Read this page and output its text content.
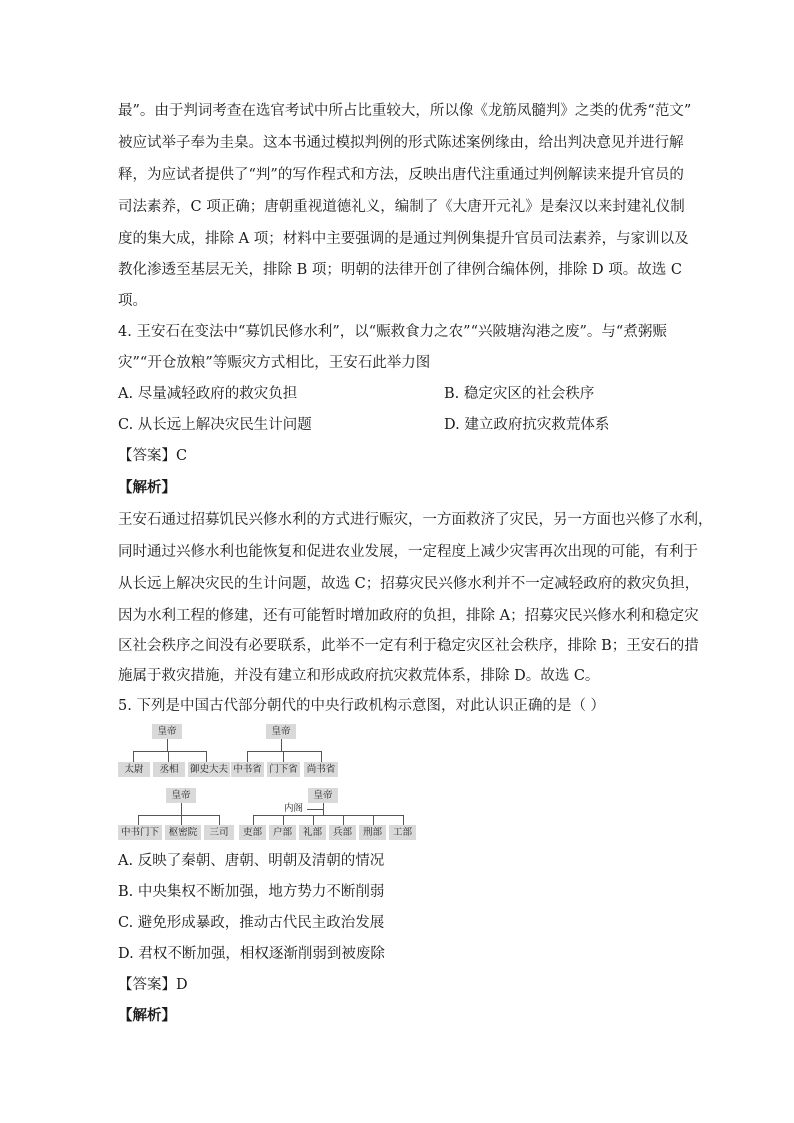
最”。由于判词考查在选官考试中所占比重较大，所以像《龙筋凤髓判》之类的优秀“范文”
被应试举子奉为圭臬。这本书通过模拟判例的形式陈述案例缘由，给出判决意见并进行解
释，为应试者提供了“判”的写作程式和方法，反映出唐代注重通过判例解读来提升官员的
司法素养，C 项正确；唐朝重视道德礼义，编制了《大唐开元礼》是秦汉以来封建礼仪制
度的集大成，排除 A 项；材料中主要强调的是通过判例集提升官员司法素养，与家训以及
教化渗透至基层无关，排除 B 项；明朝的法律开创了律例合编体例，排除 D 项。故选 C
项。
4. 王安石在变法中“募饥民修水利”，以“赈救食力之农”“兴陂塘沟港之废”。与“煮粥赈
灾”“开仓放粮”等赈灾方式相比，王安石此举力图
A. 尽量减轻政府的救灾负担	B. 稳定灾区的社会秩序
C. 从长远上解决灾民生计问题	D. 建立政府抗灾救荒体系
【答案】C
【解析】
王安石通过招募饥民兴修水利的方式进行赈灾，一方面救济了灾民，另一方面也兴修了水利，
同时通过兴修水利也能恢复和促进农业发展，一定程度上减少灾害再次出现的可能，有利于
从长远上解决灾民的生计问题，故选 C；招募灾民兴修水利并不一定减轻政府的救灾负担，
因为水利工程的修建，还有可能暂时增加政府的负担，排除 A；招募灾民兴修水利和稳定灾
区社会秩序之间没有必要联系，此举不一定有利于稳定灾区社会秩序，排除 B；王安石的措
施属于救灾措施，并没有建立和形成政府抗灾救荒体系，排除 D。故选 C。
5. 下列是中国古代部分朝代的中央行政机构示意图，对此认识正确的是（ ）
皇帝
太尉	丞相	御史大夫
皇帝
中书省 门下省 尚书省
皇帝
中书门下	枢密院	三司
皇帝
内阁
吏部	户部	礼部	兵部	刑部	工部
A. 反映了秦朝、唐朝、明朝及清朝的情况
B. 中央集权不断加强，地方势力不断削弱
C. 避免形成暴政，推动古代民主政治发展
D. 君权不断加强，相权逐渐削弱到被废除
【答案】D
【解析】
